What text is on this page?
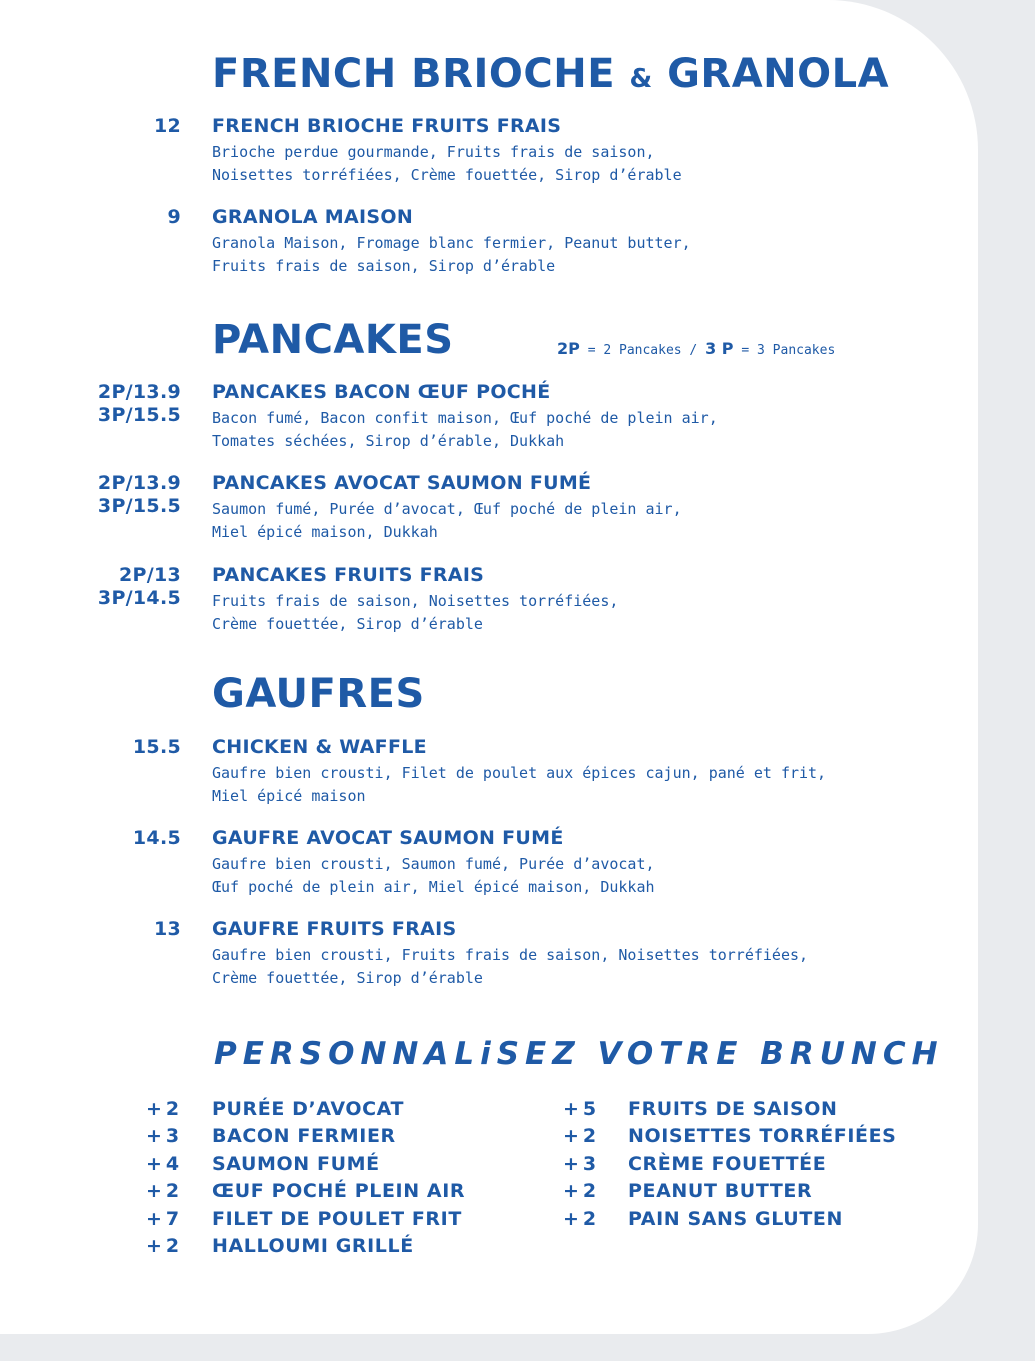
FRENCH BRIOCHE & GRANOLA
12 FRENCH BRIOCHE FRUITS FRAIS
Brioche perdue gourmande, Fruits frais de saison,
Noisettes torréfiées, Crème fouettée, Sirop d’érable
9 GRANOLA MAISON
Granola Maison, Fromage blanc fermier, Peanut butter,
Fruits frais de saison, Sirop d’érable
PANCAKES	2P = 2 Pancakes / 3 P = 3 Pancakes
2P/13.9
3P/15.5
PANCAKES BACON ŒUF POCHÉ
Bacon fumé, Bacon confit maison, Œuf poché de plein air,
Tomates séchées, Sirop d’érable, Dukkah
2P/13.9
3P/15.5
PANCAKES AVOCAT SAUMON FUMÉ
Saumon fumé, Purée d’avocat, Œuf poché de plein air,
Miel épicé maison, Dukkah
2P/13
3P/14.5
PANCAKES FRUITS FRAIS
Fruits frais de saison, Noisettes torréfiées,
Crème fouettée, Sirop d’érable
GAUFRES
15.5 CHICKEN & WAFFLE
Gaufre bien crousti, Filet de poulet aux épices cajun, pané et frit,
Miel épicé maison
14.5 GAUFRE AVOCAT SAUMON FUMÉ
Gaufre bien crousti, Saumon fumé, Purée d’avocat,
Œuf poché de plein air, Miel épicé maison, Dukkah
13 GAUFRE FRUITS FRAIS
Gaufre bien crousti, Fruits frais de saison, Noisettes torréfiées,
Crème fouettée, Sirop d’érable
PERSONNALiSEZ VOTRE BRUNCH
+2 PURÉE D’AVOCAT
+3 BACON FERMIER
+4 SAUMON FUMÉ
+2 ŒUF POCHÉ PLEIN AIR
+7 FILET DE POULET FRIT
+2 HALLOUMI GRILLÉ
+5 FRUITS DE SAISON
+2 NOISETTES TORRÉFIÉES
+3 CRÈME FOUETTÉE
+2 PEANUT BUTTER
+2 PAIN SANS GLUTEN
